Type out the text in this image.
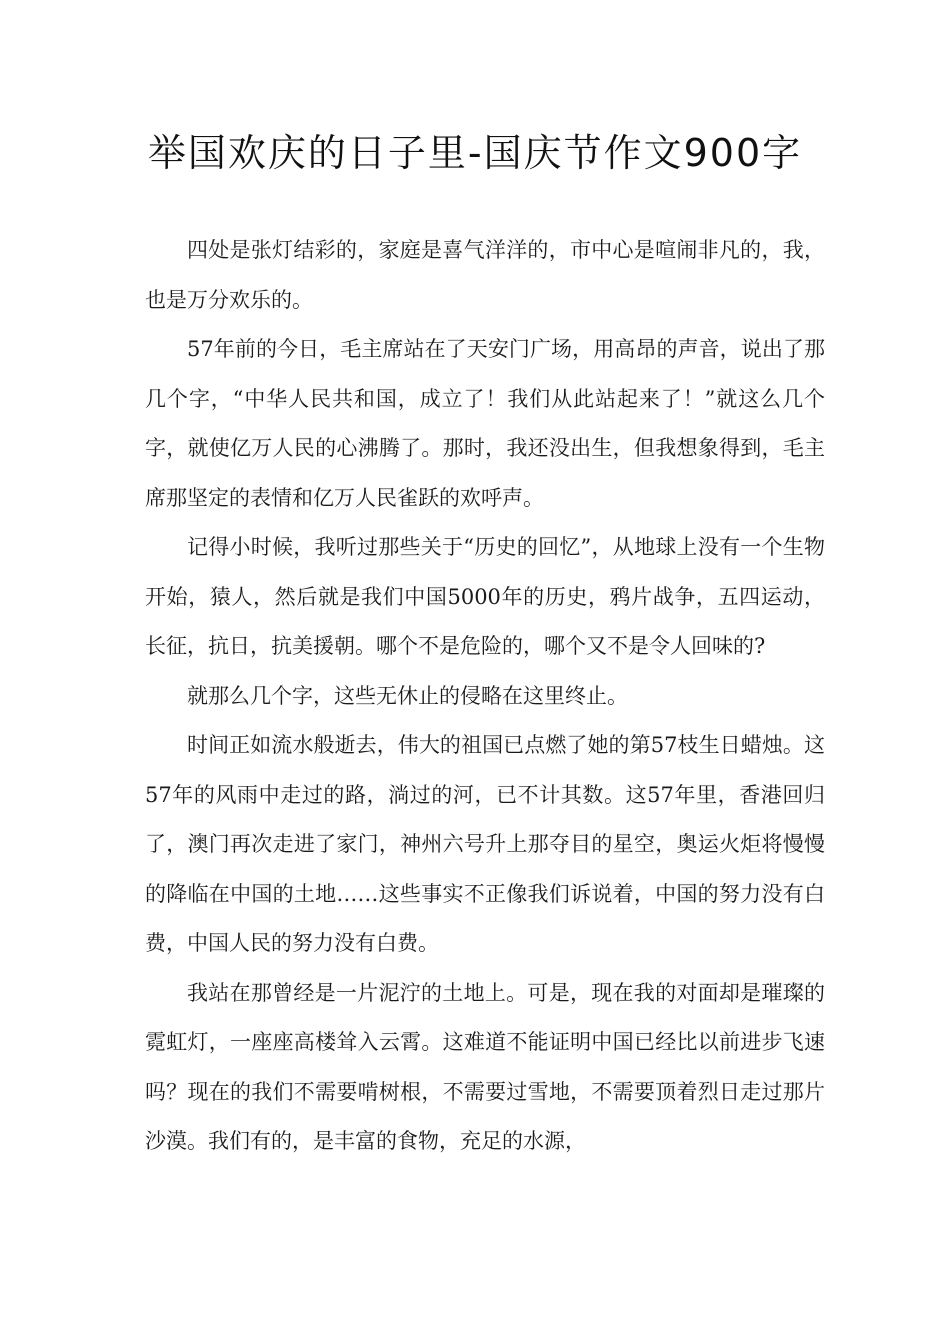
举国欢庆的日子里-国庆节作文900字

四处是张灯结彩的，家庭是喜气洋洋的，市中心是喧闹非凡的，我，也是万分欢乐的。

57年前的今日，毛主席站在了天安门广场，用高昂的声音，说出了那几个字，“中华人民共和国，成立了！我们从此站起来了！”就这么几个字，就使亿万人民的心沸腾了。那时，我还没出生，但我想象得到，毛主席那坚定的表情和亿万人民雀跃的欢呼声。

记得小时候，我听过那些关于“历史的回忆”，从地球上没有一个生物开始，猿人，然后就是我们中国5000年的历史，鸦片战争，五四运动，长征，抗日，抗美援朝。哪个不是危险的，哪个又不是令人回味的?

就那么几个字，这些无休止的侵略在这里终止。

时间正如流水般逝去，伟大的祖国已点燃了她的第57枝生日蜡烛。这57年的风雨中走过的路，淌过的河，已不计其数。这57年里，香港回归了，澳门再次走进了家门，神州六号升上那夺目的星空，奥运火炬将慢慢的降临在中国的土地……这些事实不正像我们诉说着，中国的努力没有白费，中国人民的努力没有白费。

我站在那曾经是一片泥泞的土地上。可是，现在我的对面却是璀璨的霓虹灯，一座座高楼耸入云霄。这难道不能证明中国已经比以前进步飞速吗？现在的我们不需要啃树根，不需要过雪地，不需要顶着烈日走过那片沙漠。我们有的，是丰富的食物，充足的水源，
